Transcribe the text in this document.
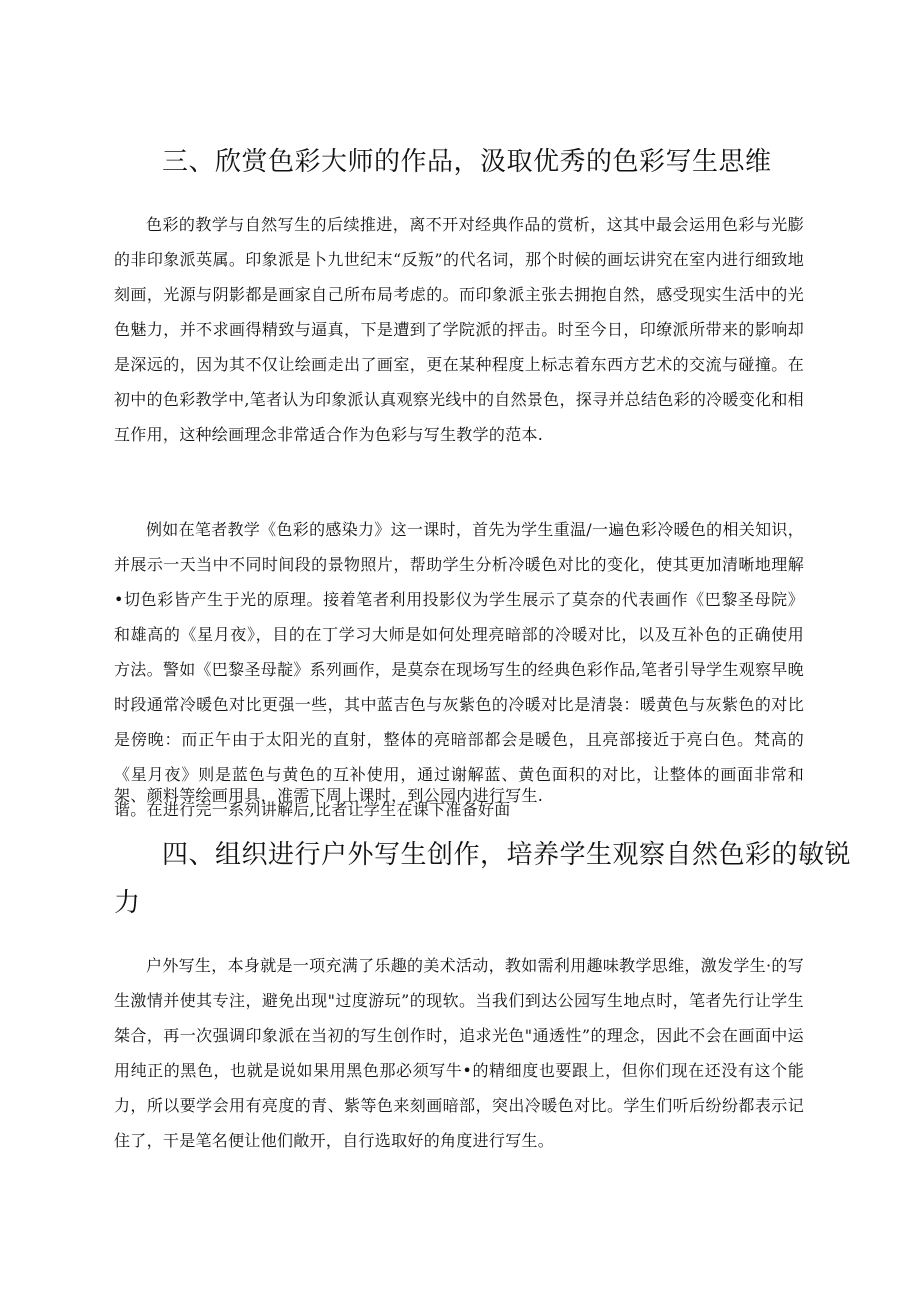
三、欣赏色彩大师的作品，汲取优秀的色彩写生思维

色彩的教学与自然写生的后续推进，离不开对经典作品的赏析，这其中最会运用色彩与光膨的非印象派英属。印象派是卜九世纪末“反叛”的代名词，那个时候的画坛讲究在室内进行细致地刻画，光源与阴影都是画家自己所布局考虑的。而印象派主张去拥抱自然，感受现实生活中的光色魅力，并不求画得精致与逼真，下是遭到了学院派的抨击。时至今日，印缭派所带来的影响却是深远的，因为其不仅让绘画走出了画室，更在某种程度上标志着东西方艺术的交流与碰撞。在初中的色彩教学中,笔者认为印象派认真观察光线中的自然景色，探寻并总结色彩的冷暖变化和相互作用，这种绘画理念非常适合作为色彩与写生教学的范本.

例如在笔者教学《色彩的感染力》这一课时，首先为学生重温/一遍色彩冷暖色的相关知识，并展示一天当中不同时间段的景物照片，帮助学生分析冷暖色对比的变化，使其更加清晰地理解•切色彩皆产生于光的原理。接着笔者利用投影仪为学生展示了莫奈的代表画作《巴黎圣母院》和雄高的《星月夜》，目的在丁学习大师是如何处理亮暗部的冷暖对比，以及互补色的正确使用方法。警如《巴黎圣母靛》系列画作，是莫奈在现场写生的经典色彩作品,笔者引导学生观察早晚时段通常冷暖色对比更强一些，其中蓝吉色与灰紫色的冷暖对比是清袅：暖黄色与灰紫色的对比是傍晚：而正午由于太阳光的直射，整体的亮暗部都会是暖色，且亮部接近于亮白色。梵高的《星月夜》则是蓝色与黄色的互补使用，通过谢解蓝、黄色面积的对比，让整体的画面非常和谐。在进行完一系列讲解后,比者让学生在课下准备好面

架、颜料等绘画用具，准需下周上课时，到公园内进行写生.

四、组织进行户外写生创作，培养学生观察自然色彩的敏锐
力

户外写生，本身就是一项充满了乐趣的美术活动，教如需利用趣味教学思维，激发学生·的写生激情并使其专注，避免出现"过度游玩”的现软。当我们到达公园写生地点时，笔者先行让学生桀合，再一次强调印象派在当初的写生创作时，追求光色"通透性”的理念，因此不会在画面中运用纯正的黑色，也就是说如果用黑色那必须写牛•的精细度也要跟上，但你们现在还没有这个能力，所以要学会用有亮度的青、紫等色来刻画暗部，突出冷暖色对比。学生们听后纷纷都表示记住了，干是笔名便让他们敞开，自行选取好的角度进行写生。
